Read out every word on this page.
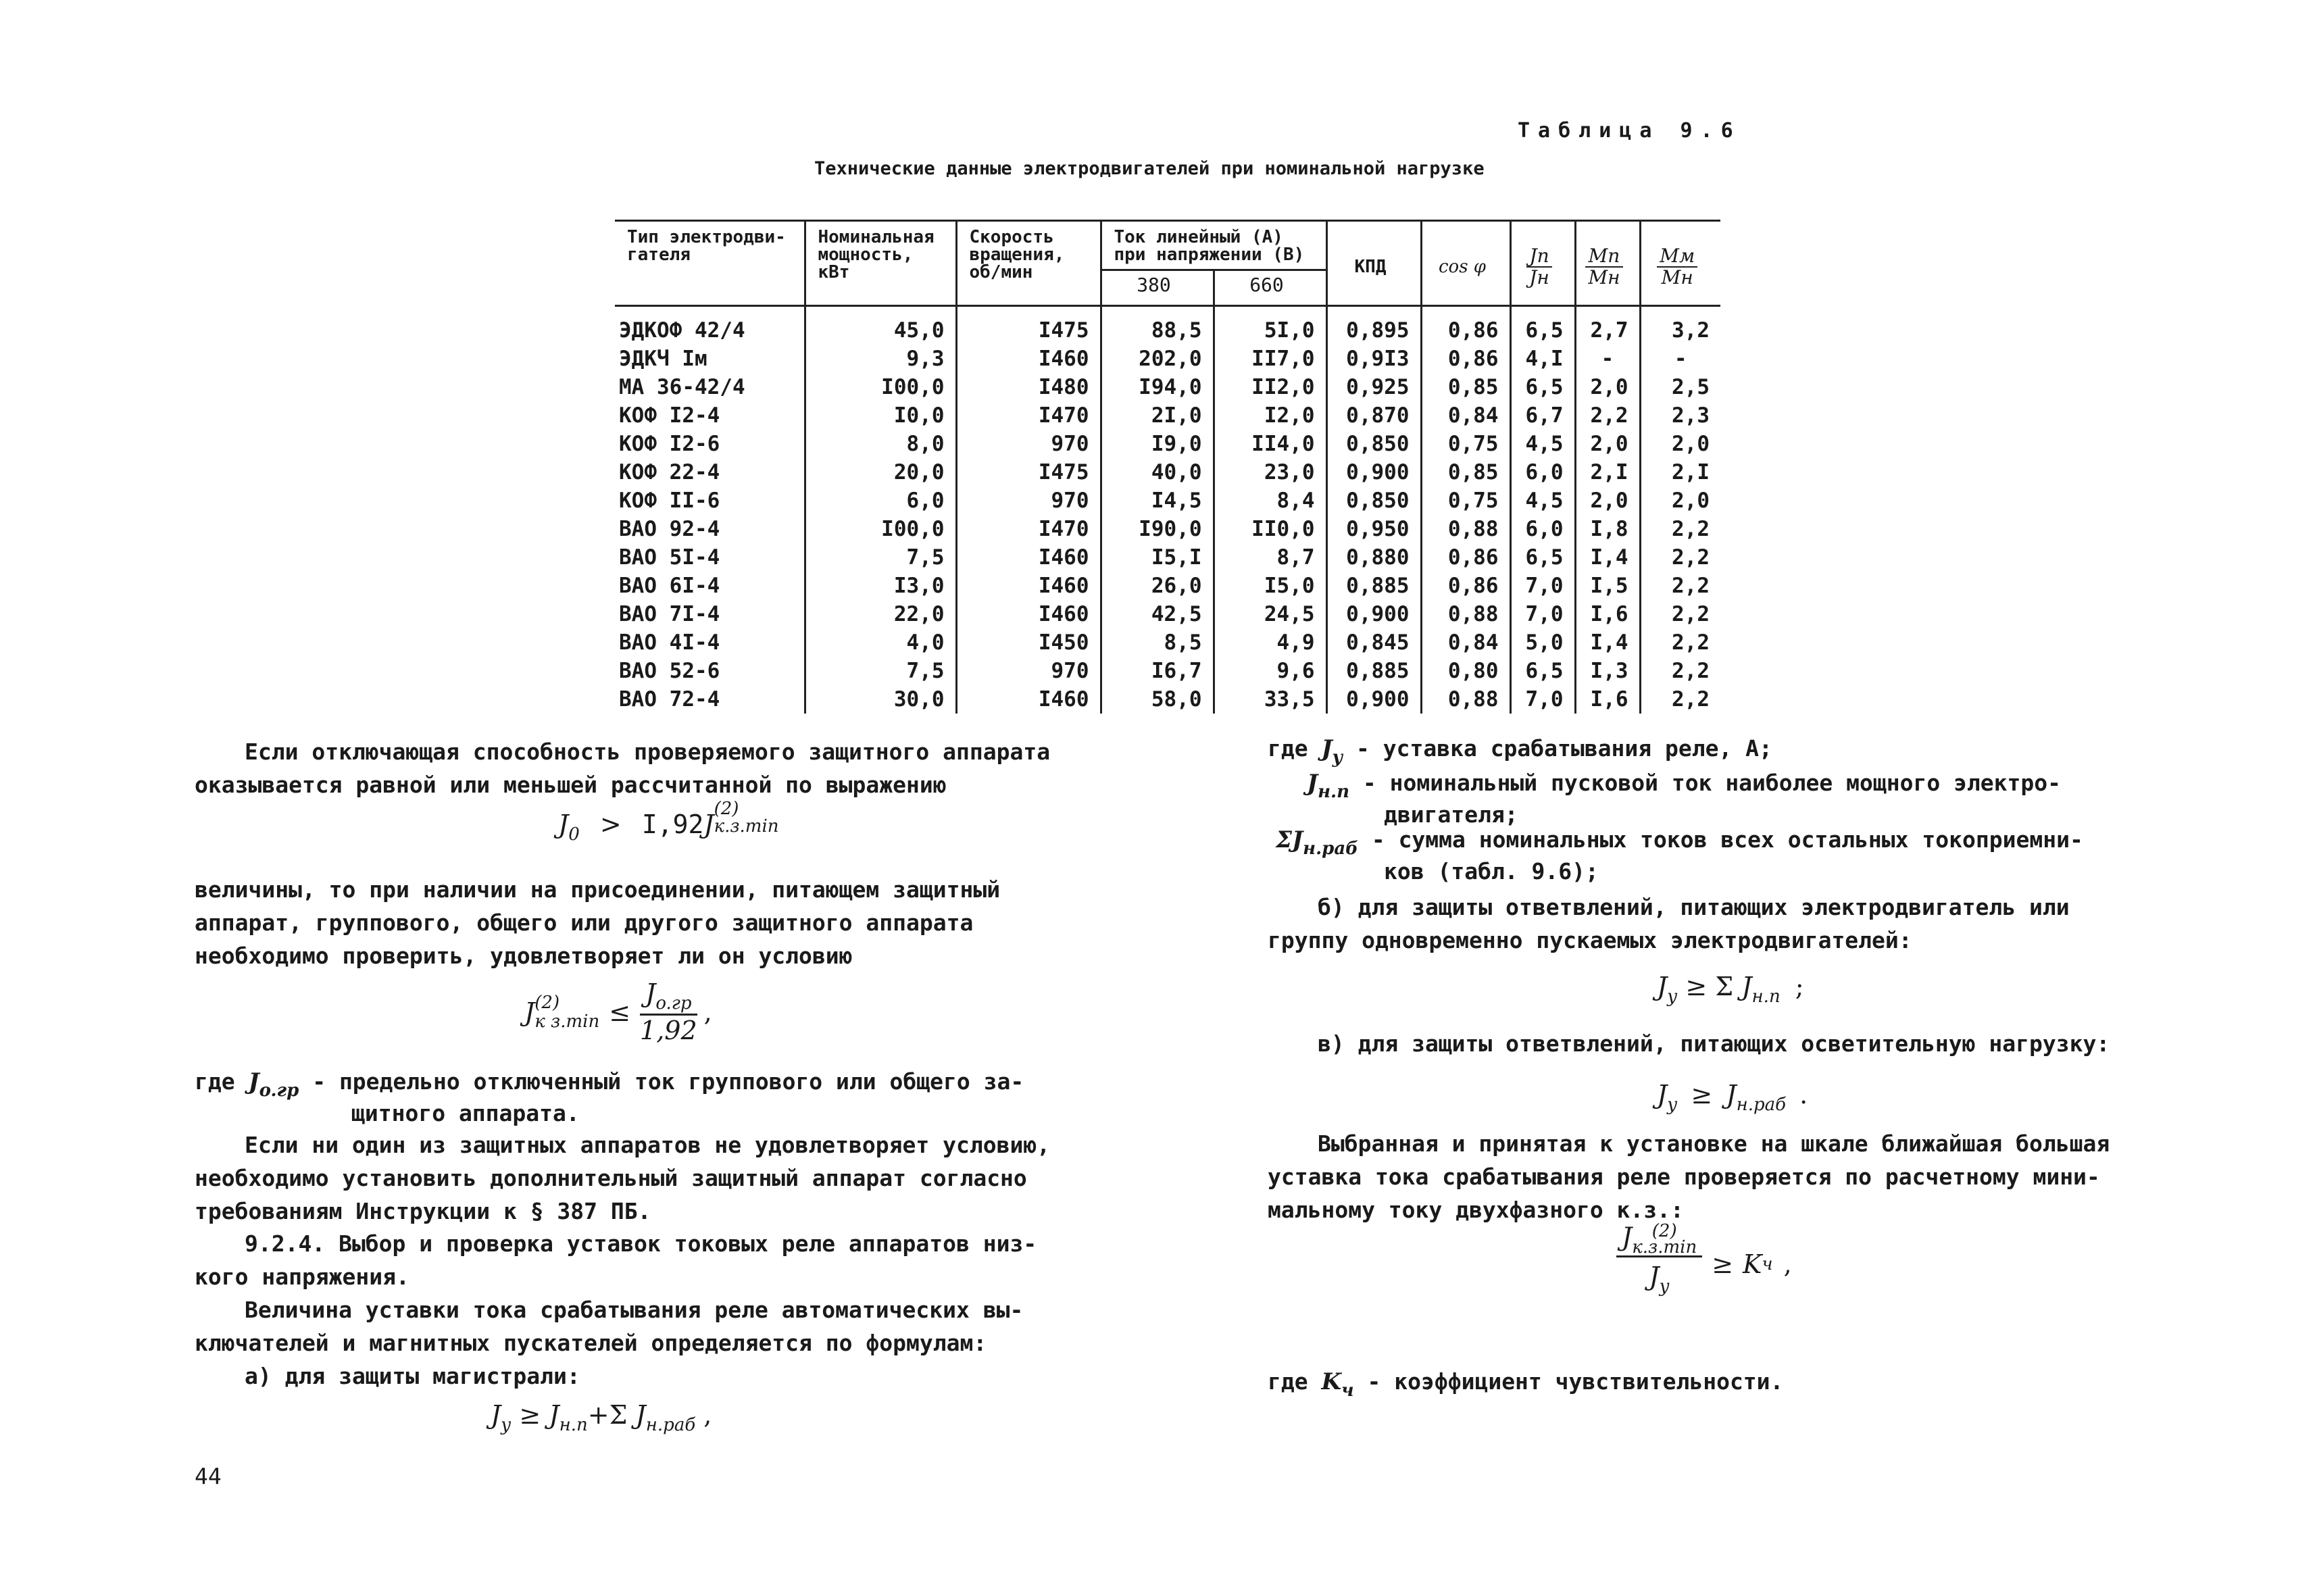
Таблица 9.6
Технические данные электродвигателей при номинальной нагрузке
Тип электродви-гателя	Номинальная мощность, кВт	Скорость вращения, об/мин	Ток линейный (А) при напряжении (В)		КПД	cos φ	$\frac{Jп}{Jн}$	$\frac{Mп}{Mн}$	$\frac{Mм}{Mн}$

			380	660					
ЭДКОФ 42/4	45,0	I475	88,5	5I,0	0,895	0,86	6,5	2,7	3,2
ЭДКЧ Iм	9,3	I460	202,0	II7,0	0,9I3	0,86	4,I	-	-
МА 36-42/4	I00,0	I480	I94,0	II2,0	0,925	0,85	6,5	2,0	2,5
КОФ I2-4	I0,0	I470	2I,0	I2,0	0,870	0,84	6,7	2,2	2,3
КОФ I2-6	8,0	970	I9,0	II4,0	0,850	0,75	4,5	2,0	2,0
КОФ 22-4	20,0	I475	40,0	23,0	0,900	0,85	6,0	2,I	2,I
КОФ II-6	6,0	970	I4,5	8,4	0,850	0,75	4,5	2,0	2,0
ВАО 92-4	I00,0	I470	I90,0	II0,0	0,950	0,88	6,0	I,8	2,2
ВАО 5I-4	7,5	I460	I5,I	8,7	0,880	0,86	6,5	I,4	2,2
ВАО 6I-4	I3,0	I460	26,0	I5,0	0,885	0,86	7,0	I,5	2,2
ВАО 7I-4	22,0	I460	42,5	24,5	0,900	0,88	7,0	I,6	2,2
ВАО 4I-4	4,0	I450	8,5	4,9	0,845	0,84	5,0	I,4	2,2
ВАО 52-6	7,5	970	I6,7	9,6	0,885	0,80	6,5	I,3	2,2
ВАО 72-4	30,0	I460	58,0	33,5	0,900	0,88	7,0	I,6	2,2
Если отключающая способность проверяемого защитного аппарата
оказывается равной или меньшей рассчитанной по выражению
$J_0 > I,92J$
(2)
к.з.min
величины, то при наличии на присоединении, питающем защитный
аппарат, группового, общего или другого защитного аппарата
необходимо проверить, удовлетворяет ли он условию
J (2)
к з.min ≤
$J_{o.гр}$
1,92
,
где $J_{o.гр}$ - предельно отключенный ток группового или общего за-
щитного аппарата.
Если ни один из защитных аппаратов не удовлетворяет условию,
необходимо установить дополнительный защитный аппарат согласно
требованиям Инструкции к § 387 ПБ.
9.2.4. Выбор и проверка уставок токовых реле аппаратов низ-
кого напряжения.
Величина уставки тока срабатывания реле автоматических вы-
ключателей и магнитных пускателей определяется по формулам:
а) для защиты магистрали:
$J_у \ge J_{н.п}+\Sigma$ $J_{н.раб}$ ,
44
где $J_у$ - уставка срабатывания реле, А;
$J_{н.п}$ - номинальный пусковой ток наиболее мощного электро-
двигателя;
$\Sigma J_{н.раб}$ - сумма номинальных токов всех остальных токоприемни-
ков (табл. 9.6);
б) для защиты ответвлений, питающих электродвигатель или
группу одновременно пускаемых электродвигателей:
$J_у \ge \Sigma$ $J_{н.п}$ ;
в) для защиты ответвлений, питающих осветительную нагрузку:
$J_у \ge J_{н.раб}$ .
Выбранная и принятая к установке на шкале ближайшая большая
уставка тока срабатывания реле проверяется по расчетному мини-
мальному току двухфазного к.з.:
J	(2)
к.з.min
$J_у$
≥ K ч ,
где $K_ч$ - коэффициент чувствительности.
